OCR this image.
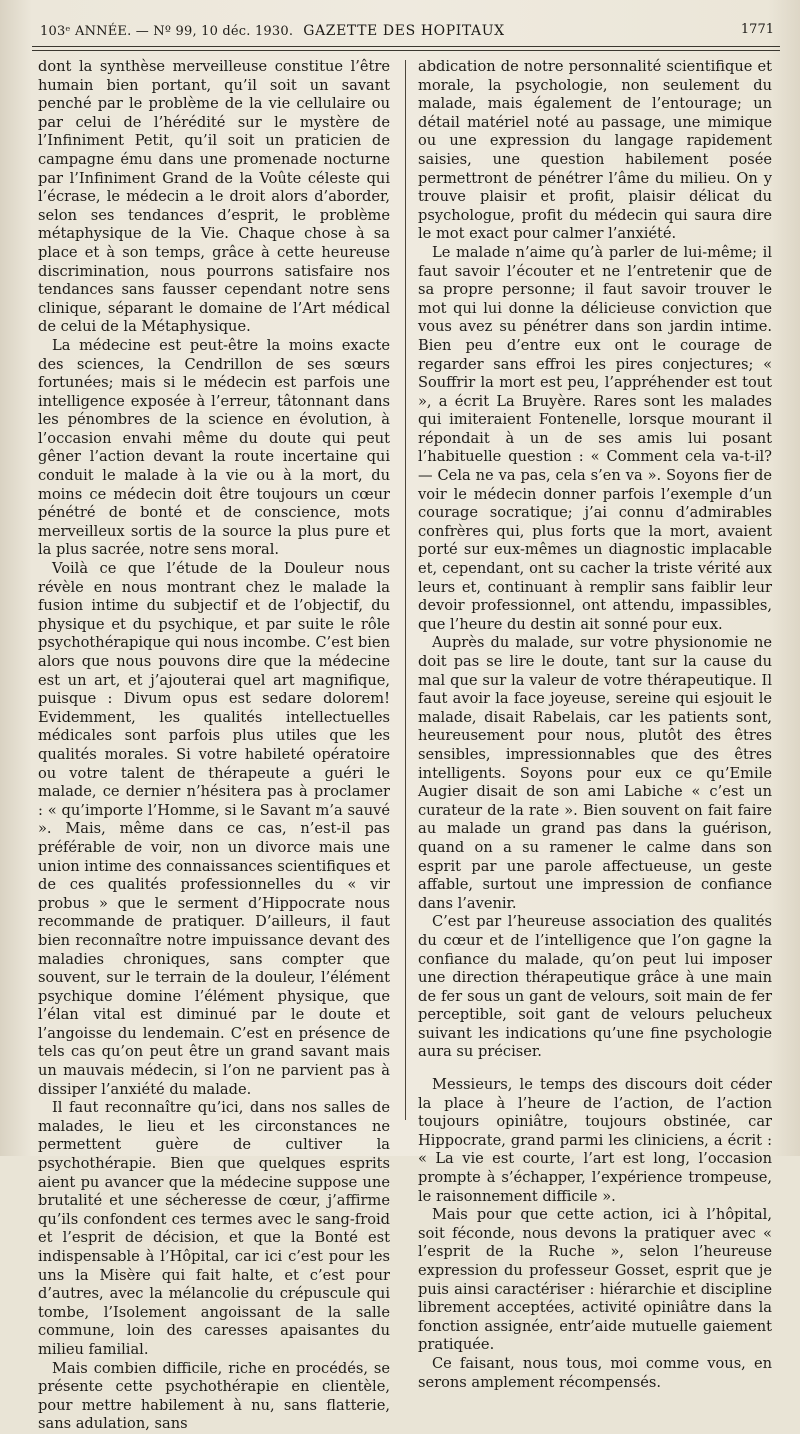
103ᵉ ANNÉE. — Nº 99, 10 déc. 1930. GAZETTE DES HOPITAUX	1771

dont la synthèse merveilleuse constitue l’être humain bien portant, qu’il soit un savant penché par le problème de la vie cellulaire ou par celui de l’hérédité sur le mystère de l’Infiniment Petit, qu’il soit un praticien de campagne ému dans une promenade nocturne par l’Infiniment Grand de la Voûte céleste qui l’écrase, le médecin a le droit alors d’aborder, selon ses tendances d’esprit, le problème métaphysique de la Vie. Chaque chose à sa place et à son temps, grâce à cette heureuse discrimination, nous pourrons satisfaire nos tendances sans fausser cependant notre sens clinique, séparant le domaine de l’Art médical de celui de la Métaphysique.

La médecine est peut-être la moins exacte des sciences, la Cendrillon de ses sœurs fortunées; mais si le médecin est parfois une intelligence exposée à l’erreur, tâtonnant dans les pénombres de la science en évolution, à l’occasion envahi même du doute qui peut gêner l’action devant la route incertaine qui conduit le malade à la vie ou à la mort, du moins ce médecin doit être toujours un cœur pénétré de bonté et de conscience, mots merveilleux sortis de la source la plus pure et la plus sacrée, notre sens moral.

Voilà ce que l’étude de la Douleur nous révèle en nous montrant chez le malade la fusion intime du subjectif et de l’objectif, du physique et du psychique, et par suite le rôle psychothérapique qui nous incombe. C’est bien alors que nous pouvons dire que la médecine est un art, et j’ajouterai quel art magnifique, puisque : Divum opus est sedare dolorem! Evidemment, les qualités intellectuelles médicales sont parfois plus utiles que les qualités morales. Si votre habileté opératoire ou votre talent de thérapeute a guéri le malade, ce dernier n’hésitera pas à proclamer : « qu’importe l’Homme, si le Savant m’a sauvé ». Mais, même dans ce cas, n’est-il pas préférable de voir, non un divorce mais une union intime des connaissances scientifiques et de ces qualités professionnelles du « vir probus » que le serment d’Hippocrate nous recommande de pratiquer. D’ailleurs, il faut bien reconnaître notre impuissance devant des maladies chroniques, sans compter que souvent, sur le terrain de la douleur, l’élément psychique domine l’élément physique, que l’élan vital est diminué par le doute et l’angoisse du lendemain. C’est en présence de tels cas qu’on peut être un grand savant mais un mauvais médecin, si l’on ne parvient pas à dissiper l’anxiété du malade.

Il faut reconnaître qu’ici, dans nos salles de malades, le lieu et les circonstances ne permettent guère de cultiver la psychothérapie. Bien que quelques esprits aient pu avancer que la médecine suppose une brutalité et une sécheresse de cœur, j’affirme qu’ils confondent ces termes avec le sang-froid et l’esprit de décision, et que la Bonté est indispensable à l’Hôpital, car ici c’est pour les uns la Misère qui fait halte, et c’est pour d’autres, avec la mélancolie du crépuscule qui tombe, l’Isolement angoissant de la salle commune, loin des caresses apaisantes du milieu familial.

Mais combien difficile, riche en procédés, se présente cette psychothérapie en clientèle, pour mettre habilement à nu, sans flatterie, sans adulation, sans

abdication de notre personnalité scientifique et morale, la psychologie, non seulement du malade, mais également de l’entourage; un détail matériel noté au passage, une mimique ou une expression du langage rapidement saisies, une question habilement posée permettront de pénétrer l’âme du milieu. On y trouve plaisir et profit, plaisir délicat du psychologue, profit du médecin qui saura dire le mot exact pour calmer l’anxiété.

Le malade n’aime qu’à parler de lui-même; il faut savoir l’écouter et ne l’entretenir que de sa propre personne; il faut savoir trouver le mot qui lui donne la délicieuse conviction que vous avez su pénétrer dans son jardin intime. Bien peu d’entre eux ont le courage de regarder sans effroi les pires conjectures; « Souffrir la mort est peu, l’appréhender est tout », a écrit La Bruyère. Rares sont les malades qui imiteraient Fontenelle, lorsque mourant il répondait à un de ses amis lui posant l’habituelle question : « Comment cela va-t-il? — Cela ne va pas, cela s’en va ». Soyons fier de voir le médecin donner parfois l’exemple d’un courage socratique; j’ai connu d’admirables confrères qui, plus forts que la mort, avaient porté sur eux-mêmes un diagnostic implacable et, cependant, ont su cacher la triste vérité aux leurs et, continuant à remplir sans faiblir leur devoir professionnel, ont attendu, impassibles, que l’heure du destin ait sonné pour eux.

Auprès du malade, sur votre physionomie ne doit pas se lire le doute, tant sur la cause du mal que sur la valeur de votre thérapeutique. Il faut avoir la face joyeuse, sereine qui esjouit le malade, disait Rabelais, car les patients sont, heureusement pour nous, plutôt des êtres sensibles, impressionnables que des êtres intelligents. Soyons pour eux ce qu’Emile Augier disait de son ami Labiche « c’est un curateur de la rate ». Bien souvent on fait faire au malade un grand pas dans la guérison, quand on a su ramener le calme dans son esprit par une parole affectueuse, un geste affable, surtout une impression de confiance dans l’avenir.

C’est par l’heureuse association des qualités du cœur et de l’intelligence que l’on gagne la confiance du malade, qu’on peut lui imposer une direction thérapeutique grâce à une main de fer sous un gant de velours, soit main de fer perceptible, soit gant de velours pelucheux suivant les indications qu’une fine psychologie aura su préciser.

Messieurs, le temps des discours doit céder la place à l’heure de l’action, de l’action toujours opiniâtre, toujours obstinée, car Hippocrate, grand parmi les cliniciens, a écrit : « La vie est courte, l’art est long, l’occasion prompte à s’échapper, l’expérience trompeuse, le raisonnement difficile ».

Mais pour que cette action, ici à l’hôpital, soit féconde, nous devons la pratiquer avec « l’esprit de la Ruche », selon l’heureuse expression du professeur Gosset, esprit que je puis ainsi caractériser : hiérarchie et discipline librement acceptées, activité opiniâtre dans la fonction assignée, entr’aide mutuelle gaiement pratiquée.

Ce faisant, nous tous, moi comme vous, en serons amplement récompensés.
